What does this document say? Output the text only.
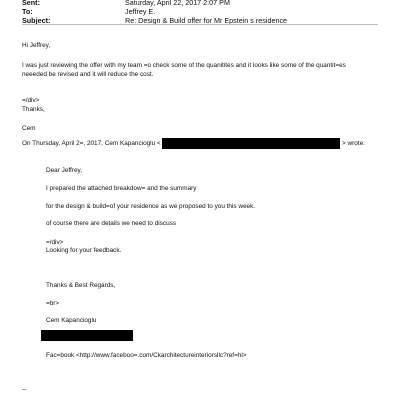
Sent:	Saturday, April 22, 2017 2:07 PM
To:	Jeffrey E.
Subject:	Re: Design & Build offer for Mr Epstein s residence
Hi Jeffrey,
I was just reviewing the offer with my team =o check some of the quanitites and it looks like some of the quantit=es
neeeded be revised and it will reduce the cost.
=/div>
Thanks,
Cem
On Thursday, April 2=, 2017, Cem Kapancioglu <	> wrote:
Dear Jeffrey,
I prepared the attached breakdow= and the summary
for the design & build=of your residence as we proposed to you this week.
of course there are details we need to discuss
=/div>
Looking for your feedback.
Thanks & Best Regards,
=br>
Cem Kapancioglu
Fac=book <http://www.faceboo=.com/Ckarchitectureinteriorsllc?ref=hl>
--
